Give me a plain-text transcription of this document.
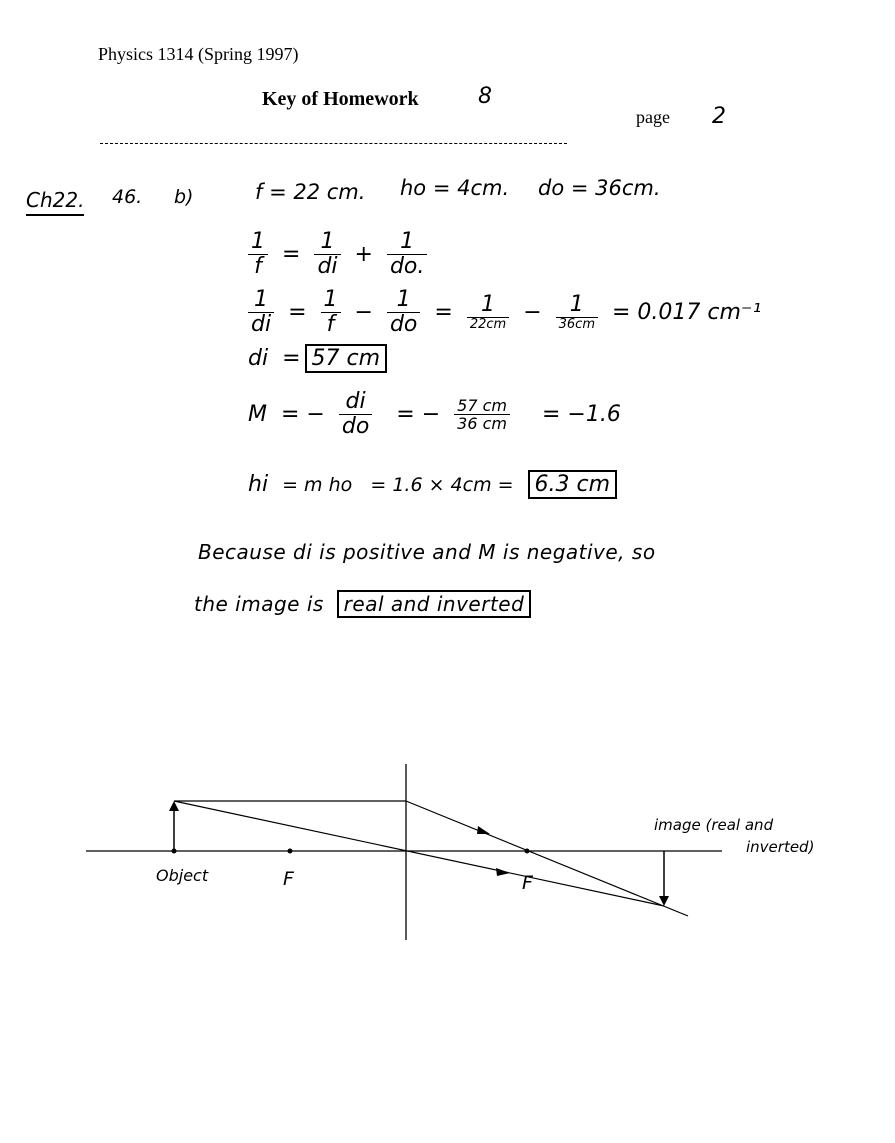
Physics 1314 (Spring 1997)
Key of Homework	8
page 2
Ch22. 46. b)	f = 22 cm. ho = 4cm. do = 36cm.
$\frac{1}{f} = \frac{1}{di} + \frac{1}{do.}$
$\frac{1}{di} = \frac{1}{f} - \frac{1}{do} = \frac{1}{22cm} - \frac{1}{36cm} = 0.017$ cm⁻¹
di = 57 cm
M = − $\frac{di}{do}$ = − $\frac{57 cm}{36 cm} = -1.6$
hi = m ho   = 1.6 × 4cm = 6.3 cm
Because di is positive and M is negative, so
the image is real and inverted
Object	F	F
image (real and
inverted)
